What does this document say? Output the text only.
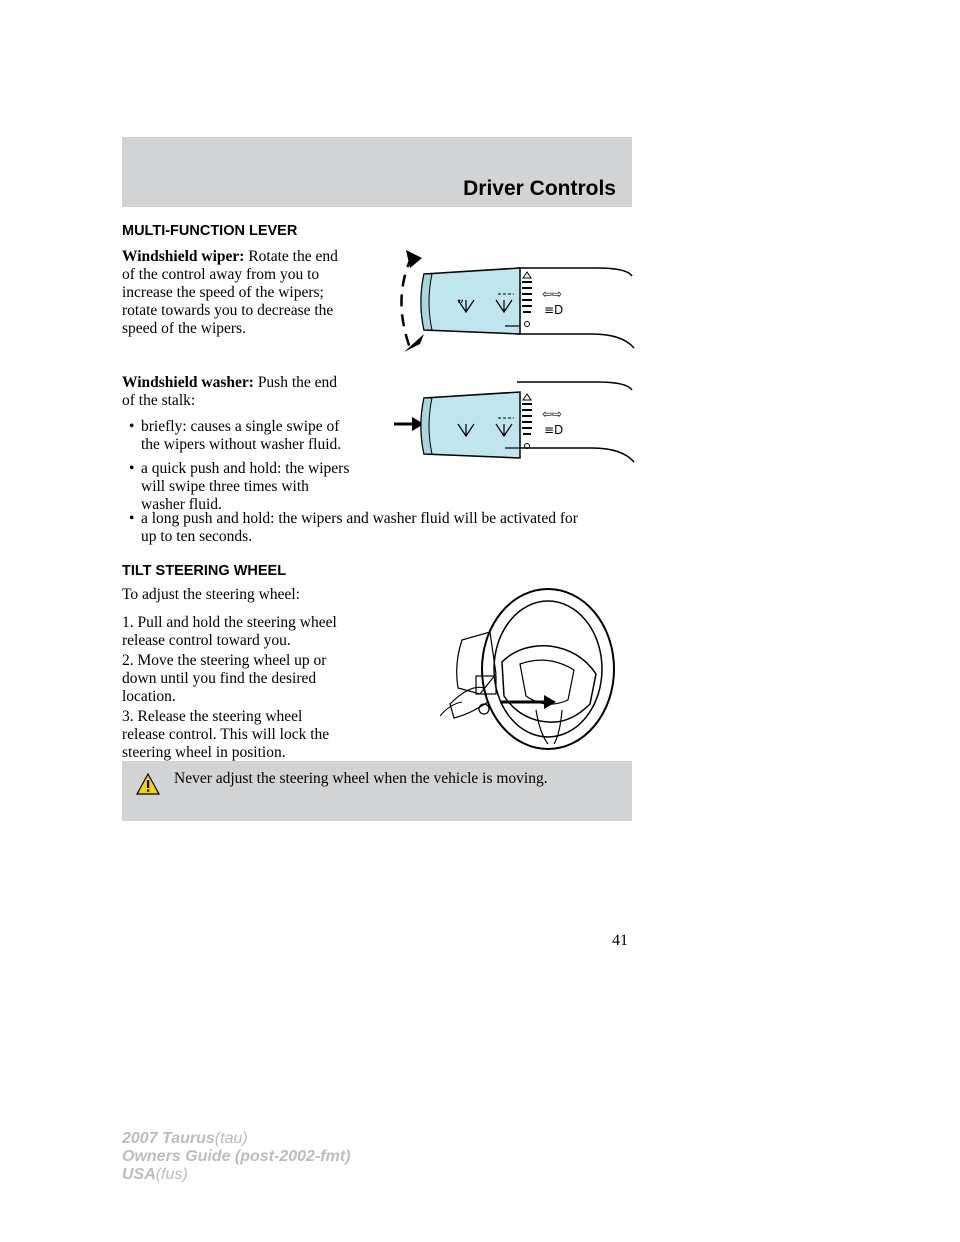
Driver Controls
MULTI-FUNCTION LEVER
Windshield wiper: Rotate the end
of the control away from you to
increase the speed of the wipers;
rotate towards you to decrease the
speed of the wipers.
ˮ
⇦⇨
≡D
Windshield washer: Push the end
of the stalk:
• briefly: causes a single swipe of
the wipers without washer fluid.
• a quick push and hold: the wipers
will swipe three times with
washer fluid.
• a long push and hold: the wipers and washer fluid will be activated for
up to ten seconds.
⇦⇨
≡D
TILT STEERING WHEEL
To adjust the steering wheel:
1. Pull and hold the steering wheel
release control toward you.
2. Move the steering wheel up or
down until you find the desired
location.
3. Release the steering wheel
release control. This will lock the
steering wheel in position.
Never adjust the steering wheel when the vehicle is moving.
41
2007 Taurus(tau)
Owners Guide (post-2002-fmt)
USA(fus)
